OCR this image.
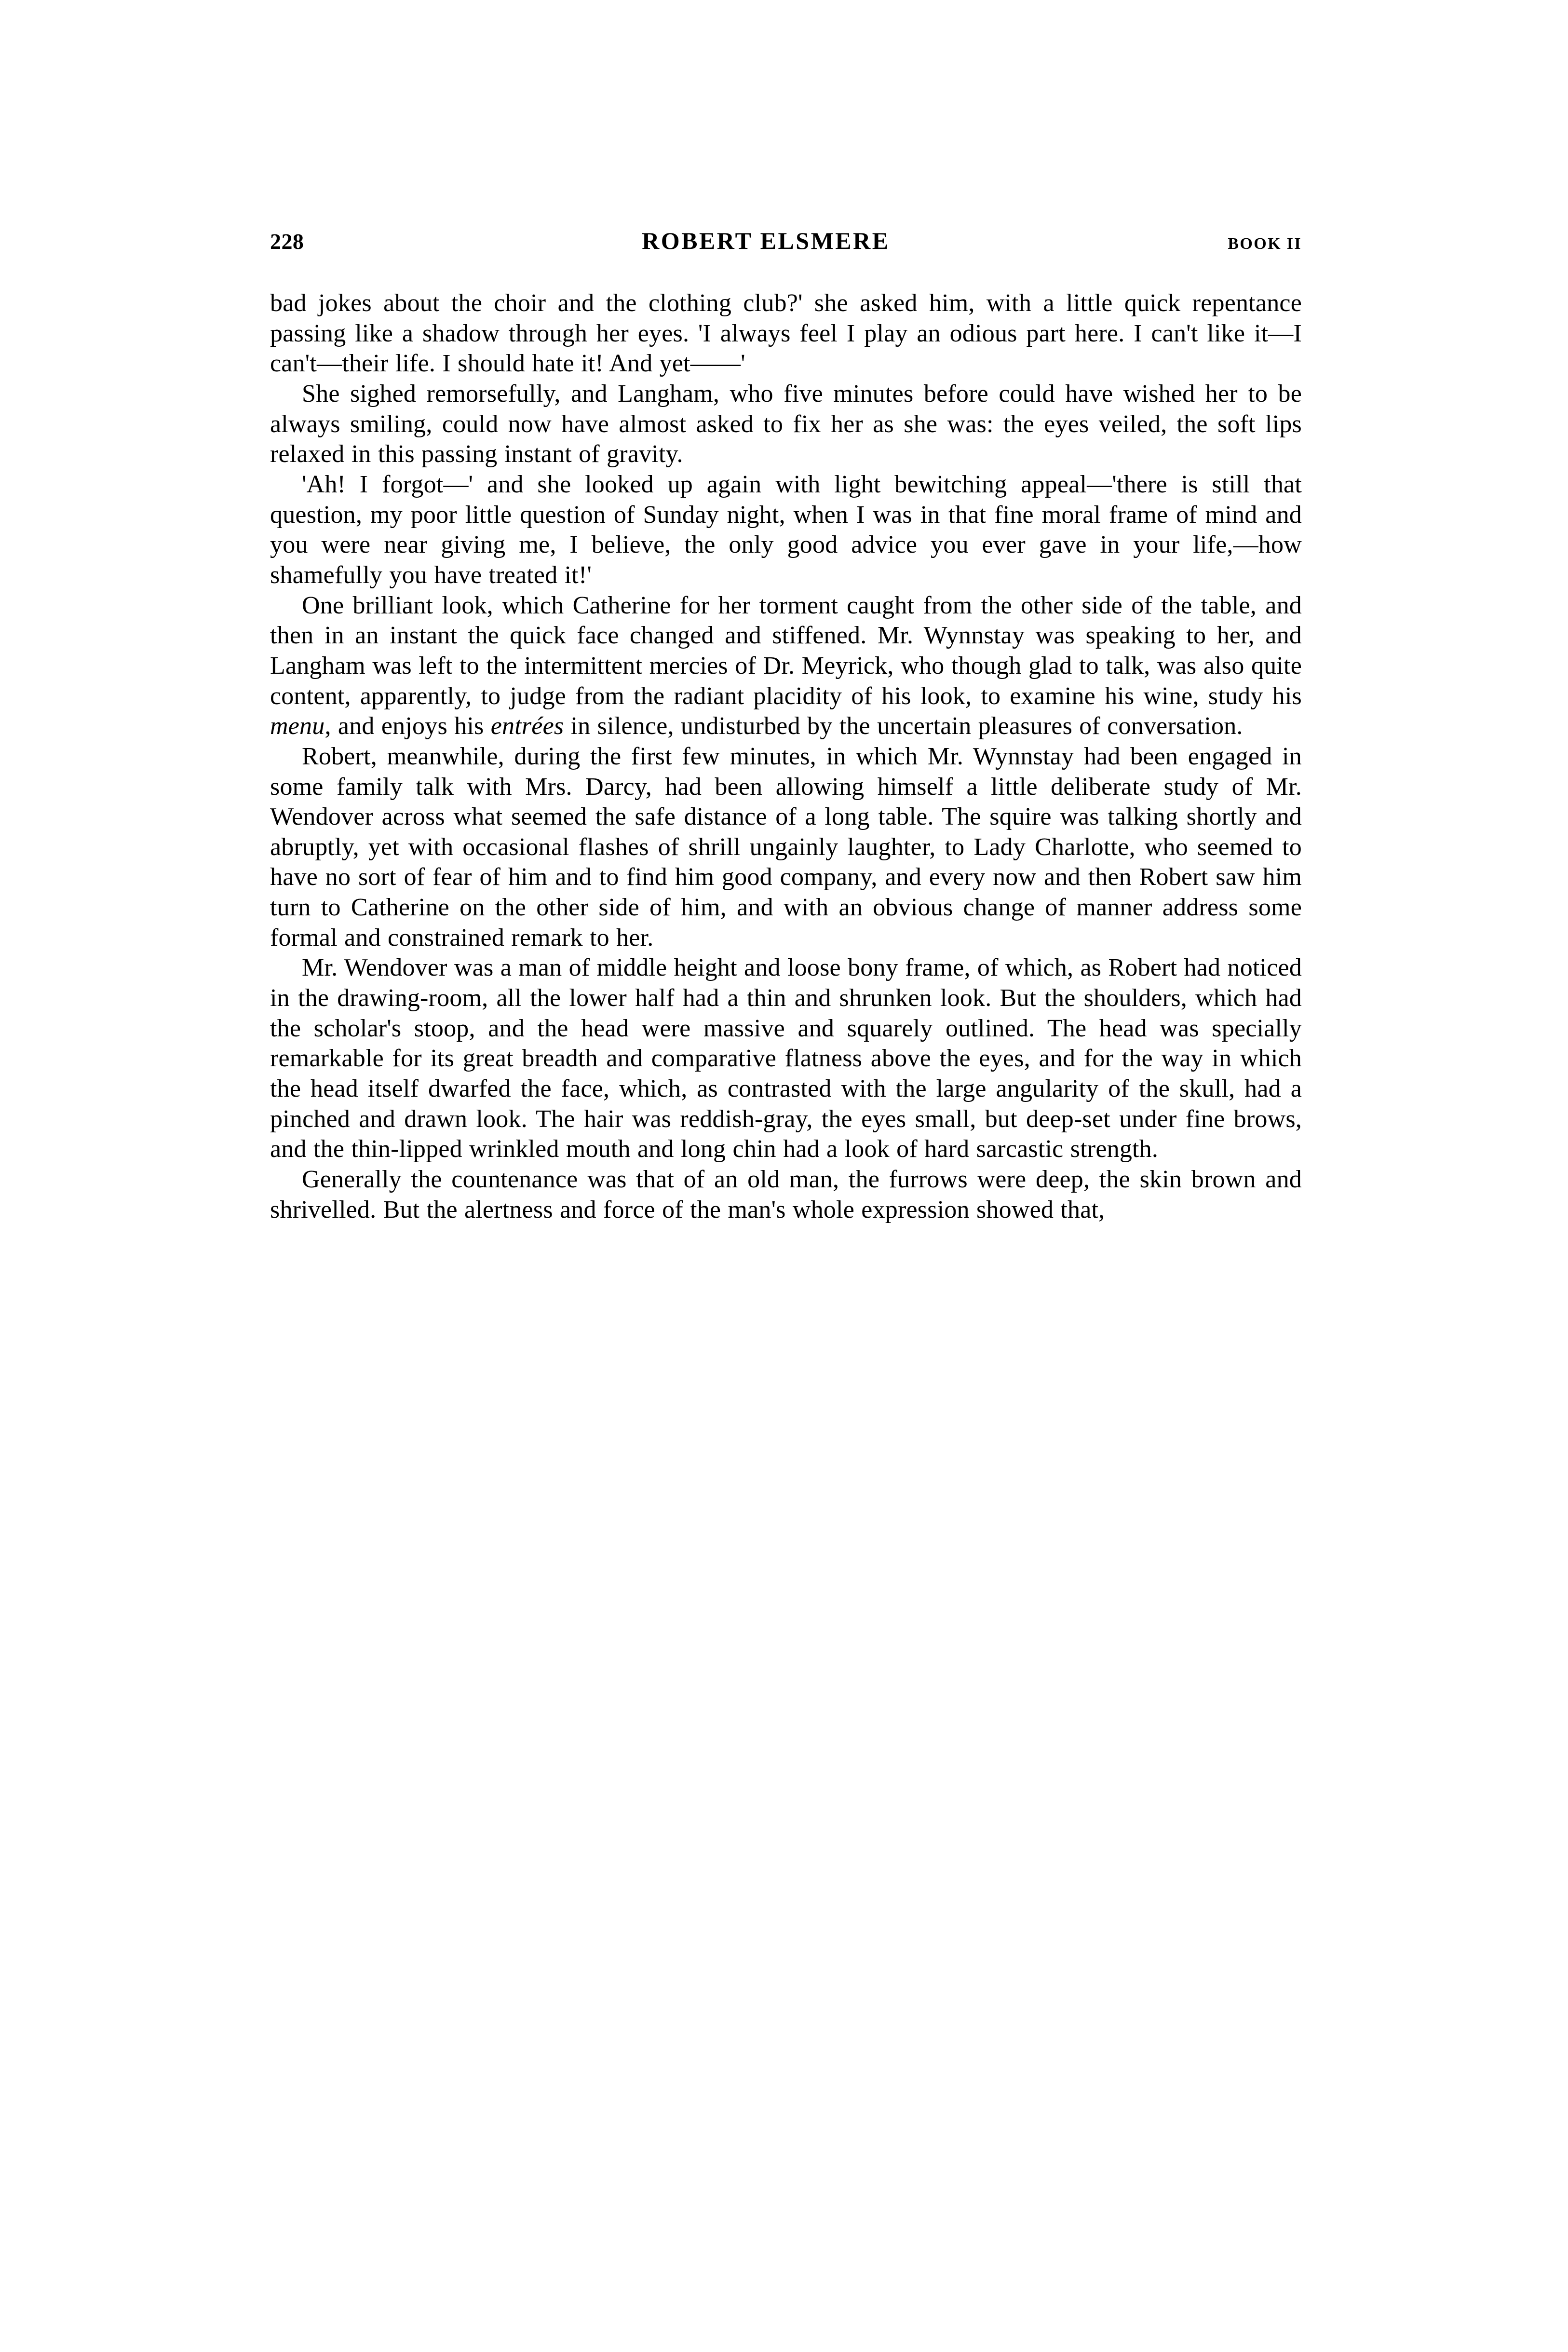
228	ROBERT ELSMERE	BOOK II

bad jokes about the choir and the clothing club?' she asked him, with a little quick repentance passing like a shadow through her eyes. 'I always feel I play an odious part here. I can't like it—I can't—their life. I should hate it! And yet——'

She sighed remorsefully, and Langham, who five minutes before could have wished her to be always smiling, could now have almost asked to fix her as she was: the eyes veiled, the soft lips relaxed in this passing instant of gravity.

'Ah! I forgot—' and she looked up again with light bewitching appeal—'there is still that question, my poor little question of Sunday night, when I was in that fine moral frame of mind and you were near giving me, I believe, the only good advice you ever gave in your life,—how shamefully you have treated it!'

One brilliant look, which Catherine for her torment caught from the other side of the table, and then in an instant the quick face changed and stiffened. Mr. Wynnstay was speaking to her, and Langham was left to the intermittent mercies of Dr. Meyrick, who though glad to talk, was also quite content, apparently, to judge from the radiant placidity of his look, to examine his wine, study his menu, and enjoys his entrées in silence, undisturbed by the uncertain pleasures of conversation.

Robert, meanwhile, during the first few minutes, in which Mr. Wynnstay had been engaged in some family talk with Mrs. Darcy, had been allowing himself a little deliberate study of Mr. Wendover across what seemed the safe distance of a long table. The squire was talking shortly and abruptly, yet with occasional flashes of shrill ungainly laughter, to Lady Charlotte, who seemed to have no sort of fear of him and to find him good company, and every now and then Robert saw him turn to Catherine on the other side of him, and with an obvious change of manner address some formal and constrained remark to her.

Mr. Wendover was a man of middle height and loose bony frame, of which, as Robert had noticed in the drawing-room, all the lower half had a thin and shrunken look. But the shoulders, which had the scholar's stoop, and the head were massive and squarely outlined. The head was specially remarkable for its great breadth and comparative flatness above the eyes, and for the way in which the head itself dwarfed the face, which, as contrasted with the large angularity of the skull, had a pinched and drawn look. The hair was reddish-gray, the eyes small, but deep-set under fine brows, and the thin-lipped wrinkled mouth and long chin had a look of hard sarcastic strength.

Generally the countenance was that of an old man, the furrows were deep, the skin brown and shrivelled. But the alertness and force of the man's whole expression showed that,
